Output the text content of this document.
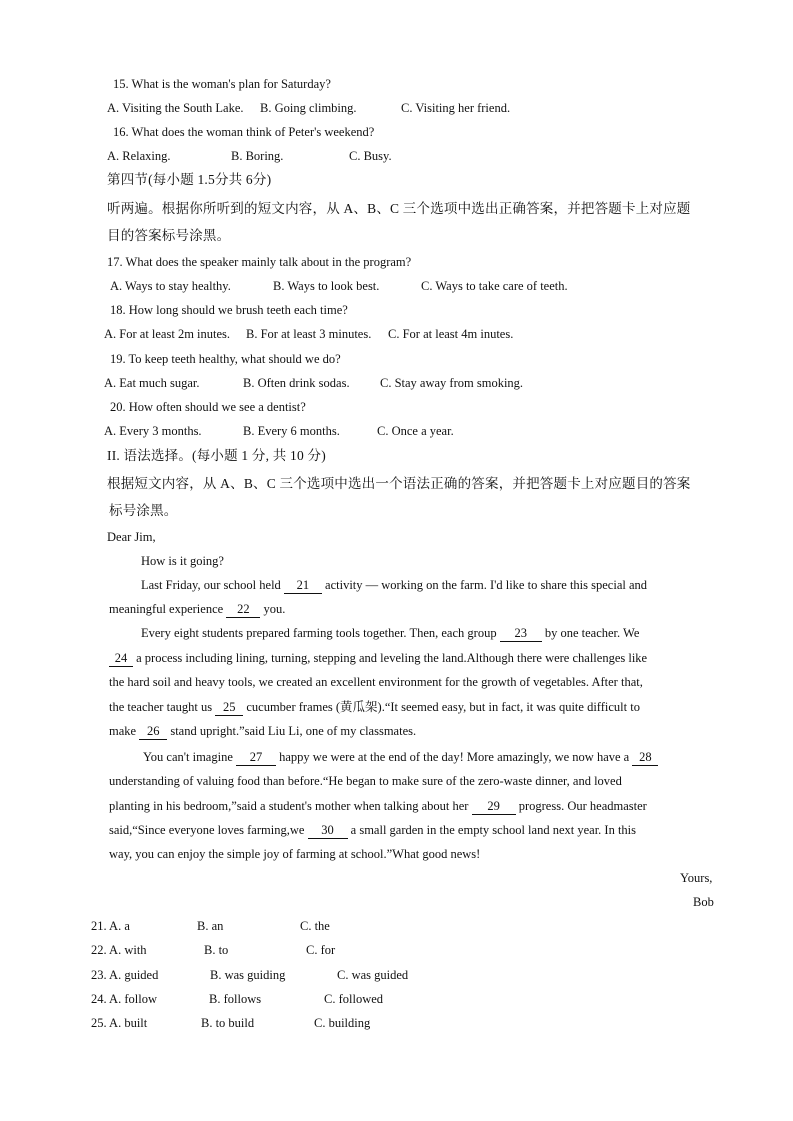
15. What is the woman's plan for Saturday?
A. Visiting the South Lake. B. Going climbing.	C. Visiting her friend.
16. What does the woman think of Peter's weekend?
A. Relaxing.	B. Boring.	C. Busy.
第四节(每小题 1.5分共 6分)
听两遍。根据你所听到的短文内容，从 A、B、C 三个选项中选出正确答案，并把答题卡上对应题
目的答案标号涂黑。
17. What does the speaker mainly talk about in the program?
A. Ways to stay healthy.	B. Ways to look best.	C. Ways to take care of teeth.
18. How long should we brush teeth each time?
A. For at least 2m inutes. B. For at least 3 minutes. C. For at least 4m inutes.
19. To keep teeth healthy, what should we do?
A. Eat much sugar.	B. Often drink sodas. C. Stay away from smoking.
20. How often should we see a dentist?
A. Every 3 months.	B. Every 6 months.	C. Once a year.
II. 语法选择。(每小题 1 分, 共 10 分)
根据短文内容，从 A、B、C 三个选项中选出一个语法正确的答案，并把答题卡上对应题目的答案
标号涂黑。
Dear Jim,
How is it going?
Last Friday, our school held 21 activity — working on the farm. I'd like to share this special and
meaningful experience 22 you.
Every eight students prepared farming tools together. Then, each group 23 by one teacher. We
24 a process including lining, turning, stepping and leveling the land.Although there were challenges like
the hard soil and heavy tools, we created an excellent environment for the growth of vegetables. After that,
the teacher taught us 25 cucumber frames (黄瓜架).“It seemed easy, but in fact, it was quite difficult to
make 26 stand upright.”said Liu Li, one of my classmates.
You can't imagine 27 happy we were at the end of the day! More amazingly, we now have a 28
understanding of valuing food than before.“He began to make sure of the zero-waste dinner, and loved
planting in his bedroom,”said a student's mother when talking about her 29 progress. Our headmaster
said,“Since everyone loves farming,we 30 a small garden in the empty school land next year. In this
way, you can enjoy the simple joy of farming at school.”What good news!
Yours,
Bob
21. A. a	B. an	C. the
22. A. with	B. to	C. for
23. A. guided	B. was guiding	C. was guided
24. A. follow	B. follows	C. followed
25. A. built	B. to build	C. building
